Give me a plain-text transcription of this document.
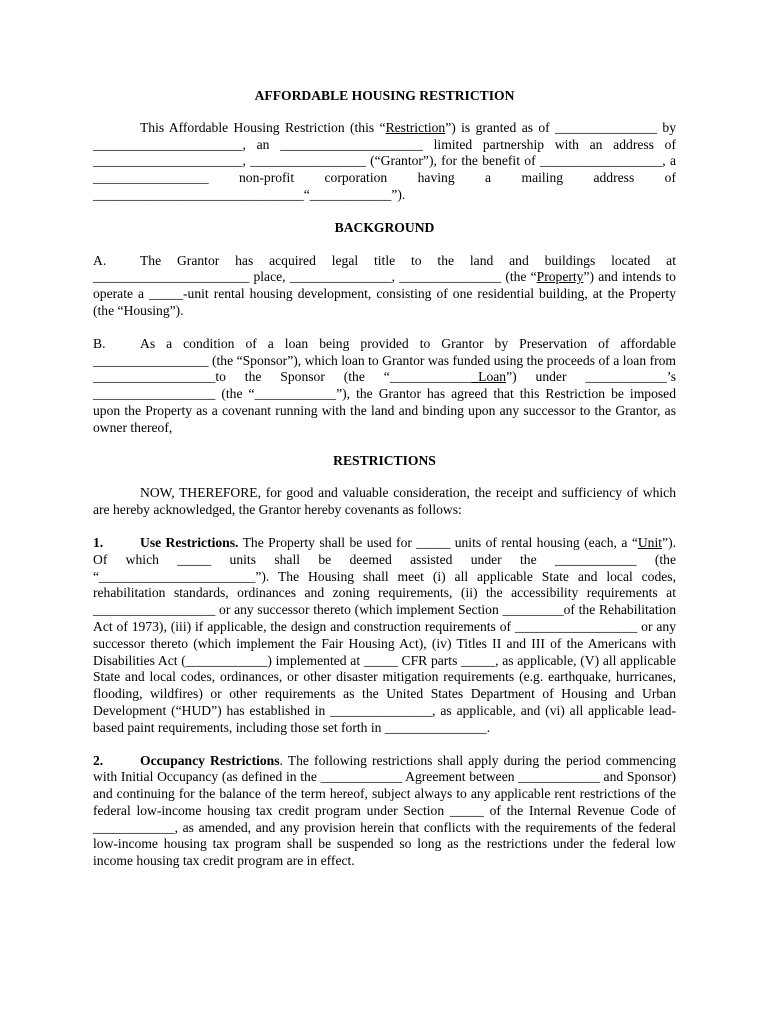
AFFORDABLE HOUSING RESTRICTION

This Affordable Housing Restriction (this “Restriction”) is granted as of _______________ by ______________________, an _____________________ limited partnership with an address of ______________________, _________________ (“Grantor”), for the benefit of __________________, a _________________ non-profit corporation having a mailing address of _______________________________“____________”).

BACKGROUND

A. The Grantor has acquired legal title to the land and buildings located at _______________________ place, _______________, _______________ (the “Property”) and intends to operate a _____-unit rental housing development, consisting of one residential building, at the Property (the “Housing”).

B.	As a condition of a loan being provided to Grantor by Preservation of affordable _________________ (the “Sponsor”), which loan to Grantor was funded using the proceeds of a loan from __________________to the Sponsor (the “_____________Loan”) under ____________’s __________________ (the “____________”), the Grantor has agreed that this Restriction be imposed upon the Property as a covenant running with the land and binding upon any successor to the Grantor, as owner thereof,

RESTRICTIONS

NOW, THEREFORE, for good and valuable consideration, the receipt and sufficiency of which are hereby acknowledged, the Grantor hereby covenants as follows:

1.	Use Restrictions. The Property shall be used for _____ units of rental housing (each, a “Unit”). Of which _____ units shall be deemed assisted under the ____________ (the “_______________________”). The Housing shall meet (i) all applicable State and local codes, rehabilitation standards, ordinances and zoning requirements, (ii) the accessibility requirements at __________________ or any successor thereto (which implement Section _________of the Rehabilitation Act of 1973), (iii) if applicable, the design and construction requirements of __________________ or any successor thereto (which implement the Fair Housing Act), (iv) Titles II and III of the Americans with Disabilities Act (____________) implemented at _____ CFR parts _____, as applicable, (V) all applicable State and local codes, ordinances, or other disaster mitigation requirements (e.g. earthquake, hurricanes, flooding, wildfires) or other requirements as the United States Department of Housing and Urban Development (“HUD”) has established in _______________, as applicable, and (vi) all applicable lead-based paint requirements, including those set forth in _______________.

2.	Occupancy Restrictions. The following restrictions shall apply during the period commencing with Initial Occupancy (as defined in the ____________ Agreement between ____________ and Sponsor) and continuing for the balance of the term hereof, subject always to any applicable rent restrictions of the federal low-income housing tax credit program under Section _____ of the Internal Revenue Code of ____________, as amended, and any provision herein that conflicts with the requirements of the federal low-income housing tax program shall be suspended so long as the restrictions under the federal low income housing tax credit program are in effect.
